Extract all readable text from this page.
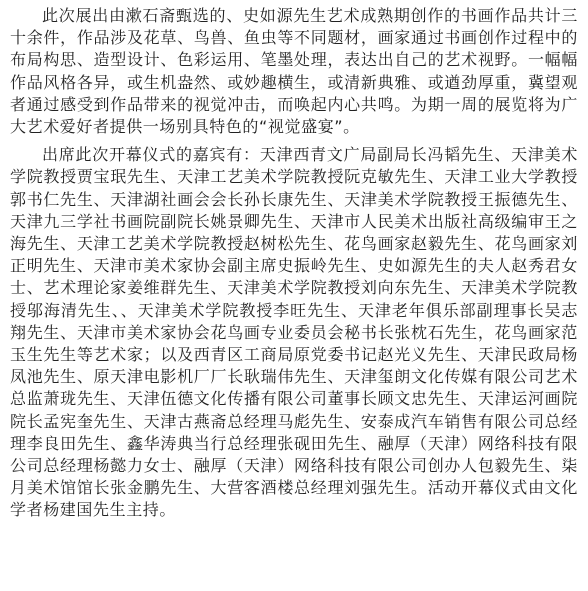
此次展出由漱石斋甄选的、史如源先生艺术成熟期创作的书画作品共计三十余件，作品涉及花草、鸟兽、鱼虫等不同题材，画家通过书画创作过程中的布局构思、造型设计、色彩运用、笔墨处理，表达出自己的艺术视野。一幅幅作品风格各异，或生机盎然、或妙趣横生，或清新典雅、或遒劲厚重，冀望观者通过感受到作品带来的视觉冲击，而唤起内心共鸣。为期一周的展览将为广大艺术爱好者提供一场别具特色的“视觉盛宴”。

出席此次开幕仪式的嘉宾有：天津西青文广局副局长冯韬先生、天津美术学院教授贾宝珉先生、天津工艺美术学院教授阮克敏先生、天津工业大学教授郭书仁先生、天津湖社画会会长孙长康先生、天津美术学院教授王振德先生、天津九三学社书画院副院长姚景卿先生、天津市人民美术出版社高级编审王之海先生、天津工艺美术学院教授赵树松先生、花鸟画家赵毅先生、花鸟画家刘正明先生、天津市美术家协会副主席史振岭先生、史如源先生的夫人赵秀君女士、艺术理论家姜维群先生、天津美术学院教授刘向东先生、天津美术学院教授邬海清先生、、天津美术学院教授李旺先生、天津老年俱乐部副理事长吴志翔先生、天津市美术家协会花鸟画专业委员会秘书长张枕石先生，花鸟画家范玉生先生等艺术家；以及西青区工商局原党委书记赵光义先生、天津民政局杨凤池先生、原天津电影机厂厂长耿瑞伟先生、天津玺朗文化传媒有限公司艺术总监萧珑先生、天津伍德文化传播有限公司董事长顾文忠先生、天津运河画院院长孟宪奎先生、天津古燕斋总经理马彪先生、安泰成汽车销售有限公司总经理李良田先生、鑫华涛典当行总经理张砚田先生、融厚（天津）网络科技有限公司总经理杨懿力女士、融厚（天津）网络科技有限公司创办人包毅先生、柒月美术馆馆长张金鹏先生、大营客酒楼总经理刘强先生。活动开幕仪式由文化学者杨建国先生主持。
